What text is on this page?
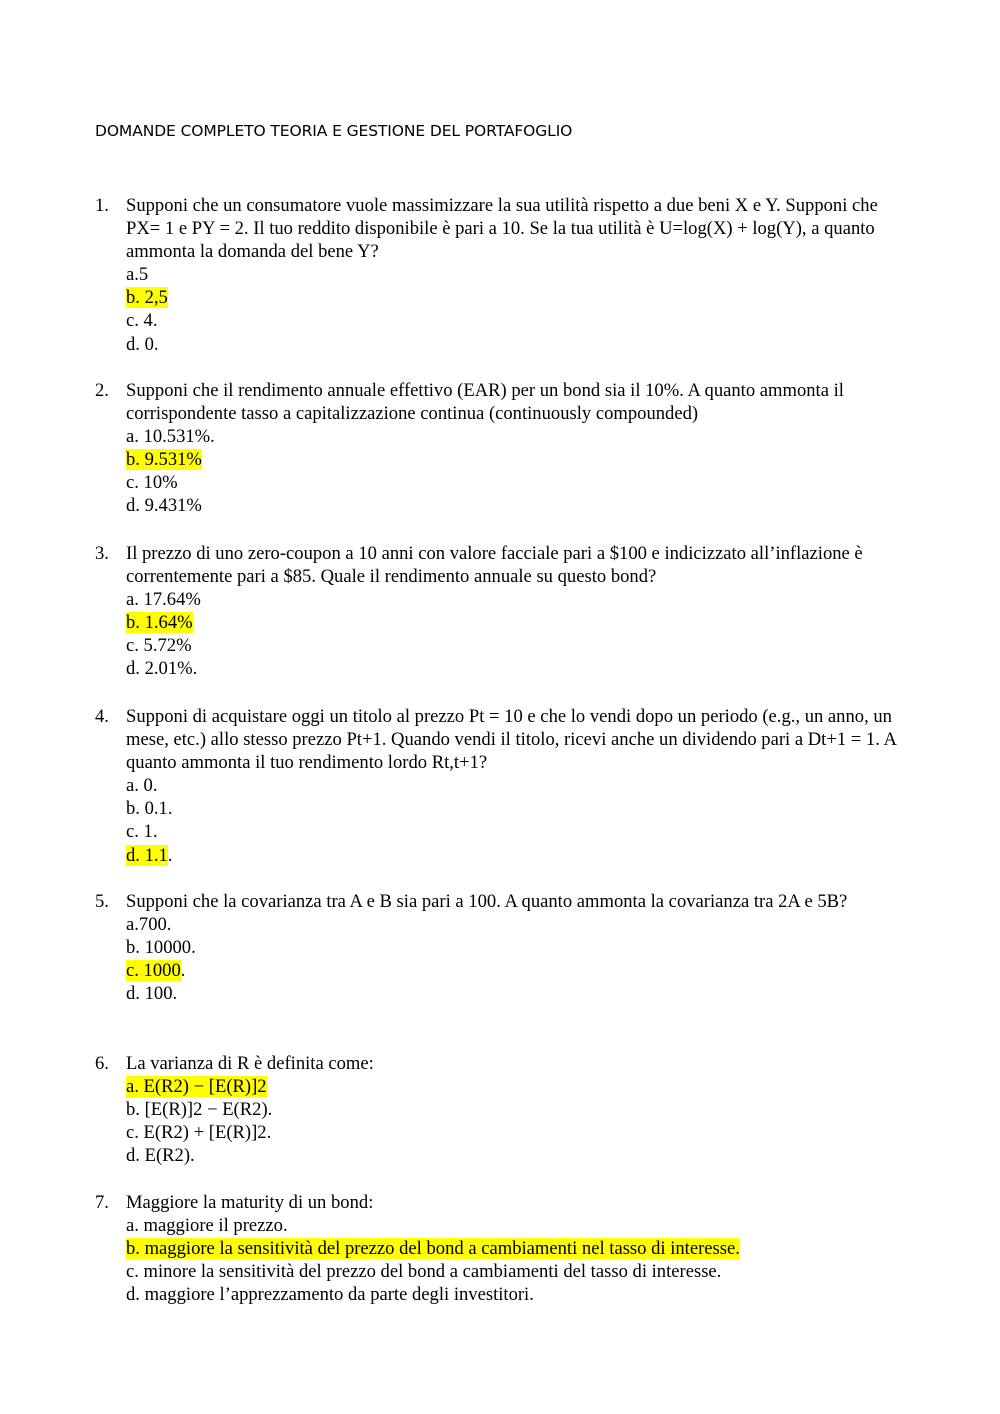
DOMANDE COMPLETO TEORIA E GESTIONE DEL PORTAFOGLIO
1. Supponi che un consumatore vuole massimizzare la sua utilità rispetto a due beni X e Y. Supponi che PX= 1 e PY = 2. Il tuo reddito disponibile è pari a 10. Se la tua utilità è U=log(X) + log(Y), a quanto ammonta la domanda del bene Y?

a.5
b. 2,5
c. 4.
d. 0.
2. Supponi che il rendimento annuale effettivo (EAR) per un bond sia il 10%. A quanto ammonta il corrispondente tasso a capitalizzazione continua (continuously compounded)

a. 10.531%.
b. 9.531%
c. 10%
d. 9.431%
3. Il prezzo di uno zero-coupon a 10 anni con valore facciale pari a $100 e indicizzato all’inflazione è correntemente pari a $85. Quale il rendimento annuale su questo bond?

a. 17.64%
b. 1.64%
c. 5.72%
d. 2.01%.
4. Supponi di acquistare oggi un titolo al prezzo Pt = 10 e che lo vendi dopo un periodo (e.g., un anno, un mese, etc.) allo stesso prezzo Pt+1. Quando vendi il titolo, ricevi anche un dividendo pari a Dt+1 = 1. A quanto ammonta il tuo rendimento lordo Rt,t+1?

a. 0.
b. 0.1.
c. 1.
d. 1.1.
5. Supponi che la covarianza tra A e B sia pari a 100. A quanto ammonta la covarianza tra 2A e 5B?

a.700.
b. 10000.
c. 1000.
d. 100.
6. La varianza di R è definita come:

a. E(R2) − [E(R)]2
b. [E(R)]2 − E(R2).
c. E(R2) + [E(R)]2.
d. E(R2).
7. Maggiore la maturity di un bond:

a. maggiore il prezzo.
b. maggiore la sensitività del prezzo del bond a cambiamenti nel tasso di interesse.
c. minore la sensitività del prezzo del bond a cambiamenti del tasso di interesse.
d. maggiore l’apprezzamento da parte degli investitori.
